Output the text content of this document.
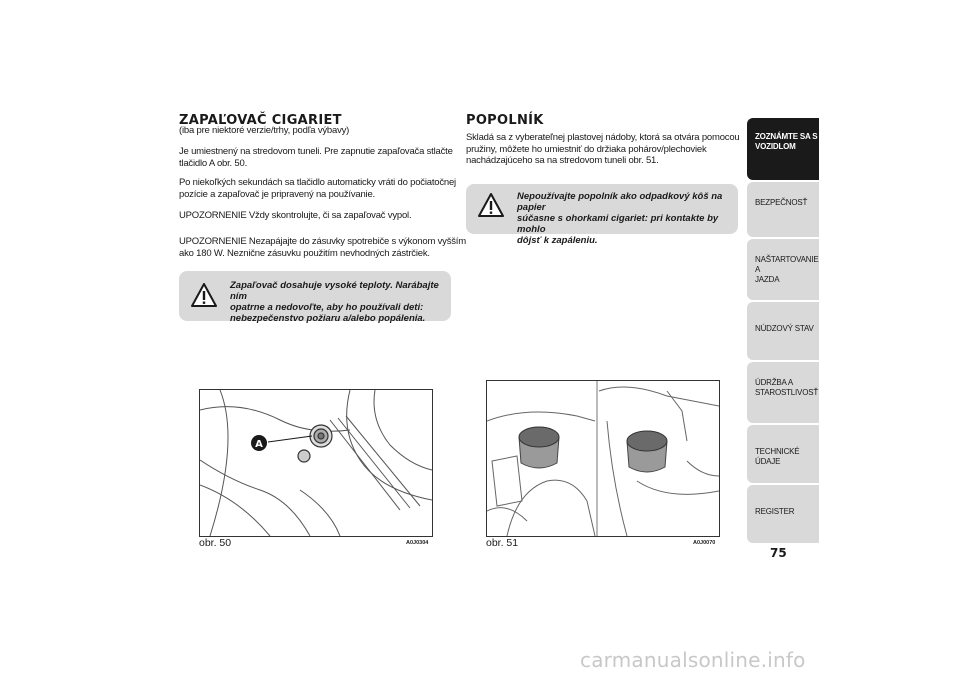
ZAPAĽOVAČ CIGARIET
(iba pre niektoré verzie/trhy, podľa výbavy)
Je umiestnený na stredovom tuneli. Pre zapnutie zapaľovača stlačte
tlačidlo A obr. 50.
Po niekoľkých sekundách sa tlačidlo automaticky vráti do počiatočnej
pozície a zapaľovač je pripravený na používanie.
UPOZORNENIE Vždy skontrolujte, či sa zapaľovač vypol.
UPOZORNENIE Nezapájajte do zásuvky spotrebiče s výkonom vyšším
ako 180 W. Neznične zásuvku použitím nevhodných zástrčiek.
Zapaľovač dosahuje vysoké teploty. Narábajte ním
opatrne a nedovoľte, aby ho používali deti:
nebezpečenstvo požiaru a/alebo popálenia.
A
obr. 50	A0J0304
POPOLNÍK
Skladá sa z vyberateľnej plastovej nádoby, ktorá sa otvára pomocou
pružiny, môžete ho umiestniť do držiaka pohárov/plechoviek
nachádzajúceho sa na stredovom tuneli obr. 51.
Nepoužívajte popolník ako odpadkový kôš na papier
súčasne s ohorkami cigariet: pri kontakte by mohlo
dôjsť k zapáleniu.
obr. 51	A0J0070
ZOZNÁMTE SA S
VOZIDLOM
BEZPEČNOSŤ
NAŠTARTOVANIE A
JAZDA
NÚDZOVÝ STAV
ÚDRŽBA A
STAROSTLIVOSŤ
TECHNICKÉ ÚDAJE
REGISTER
75
carmanualsonline.info
